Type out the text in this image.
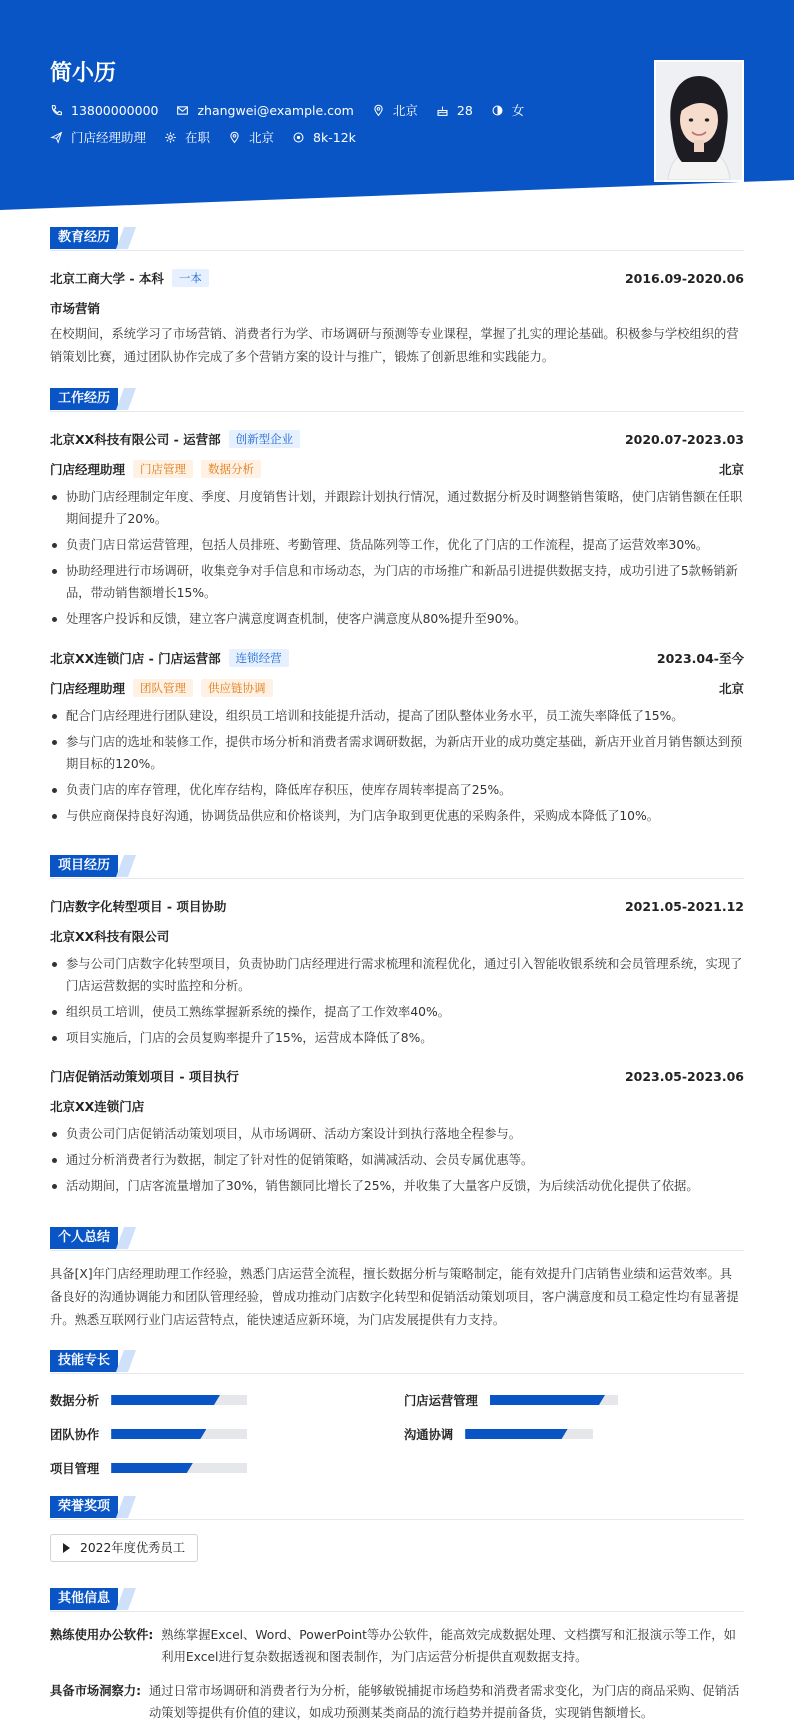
简小历
13800000000	zhangwei@example.com	北京	28	女
门店经理助理	在职	北京	8k-12k
教育经历
北京工商大学 - 本科	一本	2016.09-2020.06
市场营销
在校期间，系统学习了市场营销、消费者行为学、市场调研与预测等专业课程，掌握了扎实的理论基础。积极参与学校组织的营销策划比赛，通过团队协作完成了多个营销方案的设计与推广，锻炼了创新思维和实践能力。
工作经历
北京XX科技有限公司 - 运营部	创新型企业	2020.07-2023.03
门店经理助理	门店管理	数据分析	北京
协助门店经理制定年度、季度、月度销售计划，并跟踪计划执行情况，通过数据分析及时调整销售策略，使门店销售额在任职期间提升了20%。
负责门店日常运营管理，包括人员排班、考勤管理、货品陈列等工作，优化了门店的工作流程，提高了运营效率30%。
协助经理进行市场调研，收集竞争对手信息和市场动态，为门店的市场推广和新品引进提供数据支持，成功引进了5款畅销新品，带动销售额增长15%。
处理客户投诉和反馈，建立客户满意度调查机制，使客户满意度从80%提升至90%。
北京XX连锁门店 - 门店运营部	连锁经营	2023.04-至今
门店经理助理	团队管理	供应链协调	北京
配合门店经理进行团队建设，组织员工培训和技能提升活动，提高了团队整体业务水平，员工流失率降低了15%。
参与门店的选址和装修工作，提供市场分析和消费者需求调研数据，为新店开业的成功奠定基础，新店开业首月销售额达到预期目标的120%。
负责门店的库存管理，优化库存结构，降低库存积压，使库存周转率提高了25%。
与供应商保持良好沟通，协调货品供应和价格谈判，为门店争取到更优惠的采购条件，采购成本降低了10%。
项目经历
门店数字化转型项目 - 项目协助	2021.05-2021.12
北京XX科技有限公司
参与公司门店数字化转型项目，负责协助门店经理进行需求梳理和流程优化，通过引入智能收银系统和会员管理系统，实现了门店运营数据的实时监控和分析。
组织员工培训，使员工熟练掌握新系统的操作，提高了工作效率40%。
项目实施后，门店的会员复购率提升了15%，运营成本降低了8%。
门店促销活动策划项目 - 项目执行	2023.05-2023.06
北京XX连锁门店
负责公司门店促销活动策划项目，从市场调研、活动方案设计到执行落地全程参与。
通过分析消费者行为数据，制定了针对性的促销策略，如满减活动、会员专属优惠等。
活动期间，门店客流量增加了30%，销售额同比增长了25%，并收集了大量客户反馈，为后续活动优化提供了依据。
个人总结
具备[X]年门店经理助理工作经验，熟悉门店运营全流程，擅长数据分析与策略制定，能有效提升门店销售业绩和运营效率。具备良好的沟通协调能力和团队管理经验，曾成功推动门店数字化转型和促销活动策划项目，客户满意度和员工稳定性均有显著提升。熟悉互联网行业门店运营特点，能快速适应新环境，为门店发展提供有力支持。
技能专长
数据分析	门店运营管理
团队协作	沟通协调
项目管理
荣誉奖项
2022年度优秀员工
其他信息
熟练使用办公软件: 熟练掌握Excel、Word、PowerPoint等办公软件，能高效完成数据处理、文档撰写和汇报演示等工作，如利用Excel进行复杂数据透视和图表制作，为门店运营分析提供直观数据支持。
具备市场洞察力: 通过日常市场调研和消费者行为分析，能够敏锐捕捉市场趋势和消费者需求变化，为门店的商品采购、促销活动策划等提供有价值的建议，如成功预测某类商品的流行趋势并提前备货，实现销售额增长。
